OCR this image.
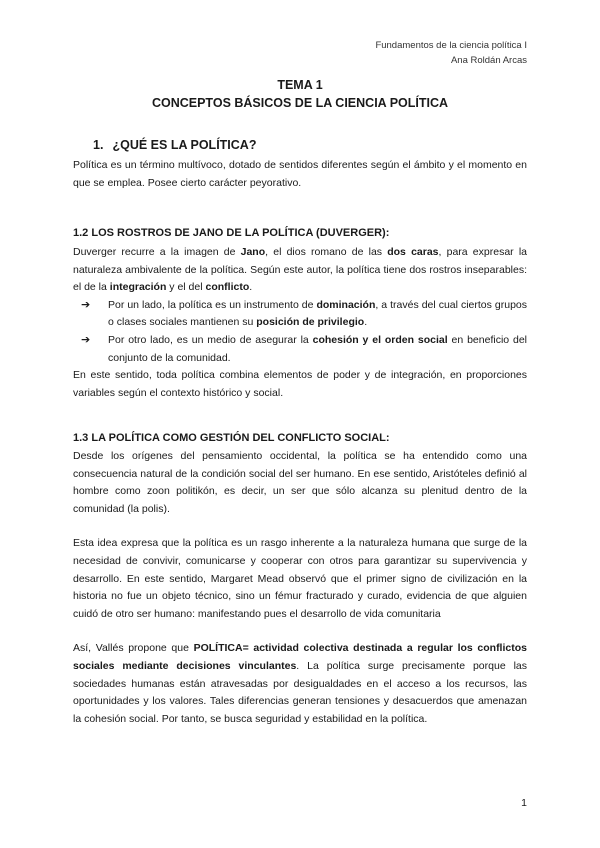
Fundamentos de la ciencia política I
Ana Roldán Arcas
TEMA 1
CONCEPTOS BÁSICOS DE LA CIENCIA POLÍTICA
1. ¿QUÉ ES LA POLÍTICA?

Política es un término multívoco, dotado de sentidos diferentes según el ámbito y el momento en que se emplea. Posee cierto carácter peyorativo.

1.2 LOS ROSTROS DE JANO DE LA POLÍTICA (DUVERGER):

Duverger recurre a la imagen de Jano, el dios romano de las dos caras, para expresar la naturaleza ambivalente de la política. Según este autor, la política tiene dos rostros inseparables: el de la integración y el del conflicto.

➔ Por un lado, la política es un instrumento de dominación, a través del cual ciertos grupos o clases sociales mantienen su posición de privilegio.
➔ Por otro lado, es un medio de asegurar la cohesión y el orden social en beneficio del conjunto de la comunidad.

En este sentido, toda política combina elementos de poder y de integración, en proporciones variables según el contexto histórico y social.

1.3 LA POLÍTICA COMO GESTIÓN DEL CONFLICTO SOCIAL:

Desde los orígenes del pensamiento occidental, la política se ha entendido como una consecuencia natural de la condición social del ser humano. En ese sentido, Aristóteles definió al hombre como zoon politikón, es decir, un ser que sólo alcanza su plenitud dentro de la comunidad (la polis).

Esta idea expresa que la política es un rasgo inherente a la naturaleza humana que surge de la necesidad de convivir, comunicarse y cooperar con otros para garantizar su supervivencia y desarrollo. En este sentido, Margaret Mead observó que el primer signo de civilización en la historia no fue un objeto técnico, sino un fémur fracturado y curado, evidencia de que alguien cuidó de otro ser humano: manifestando pues el desarrollo de vida comunitaria

Así, Vallés propone que POLÍTICA= actividad colectiva destinada a regular los conflictos sociales mediante decisiones vinculantes. La política surge precisamente porque las sociedades humanas están atravesadas por desigualdades en el acceso a los recursos, las oportunidades y los valores. Tales diferencias generan tensiones y desacuerdos que amenazan la cohesión social. Por tanto, se busca seguridad y estabilidad en la política.

1
